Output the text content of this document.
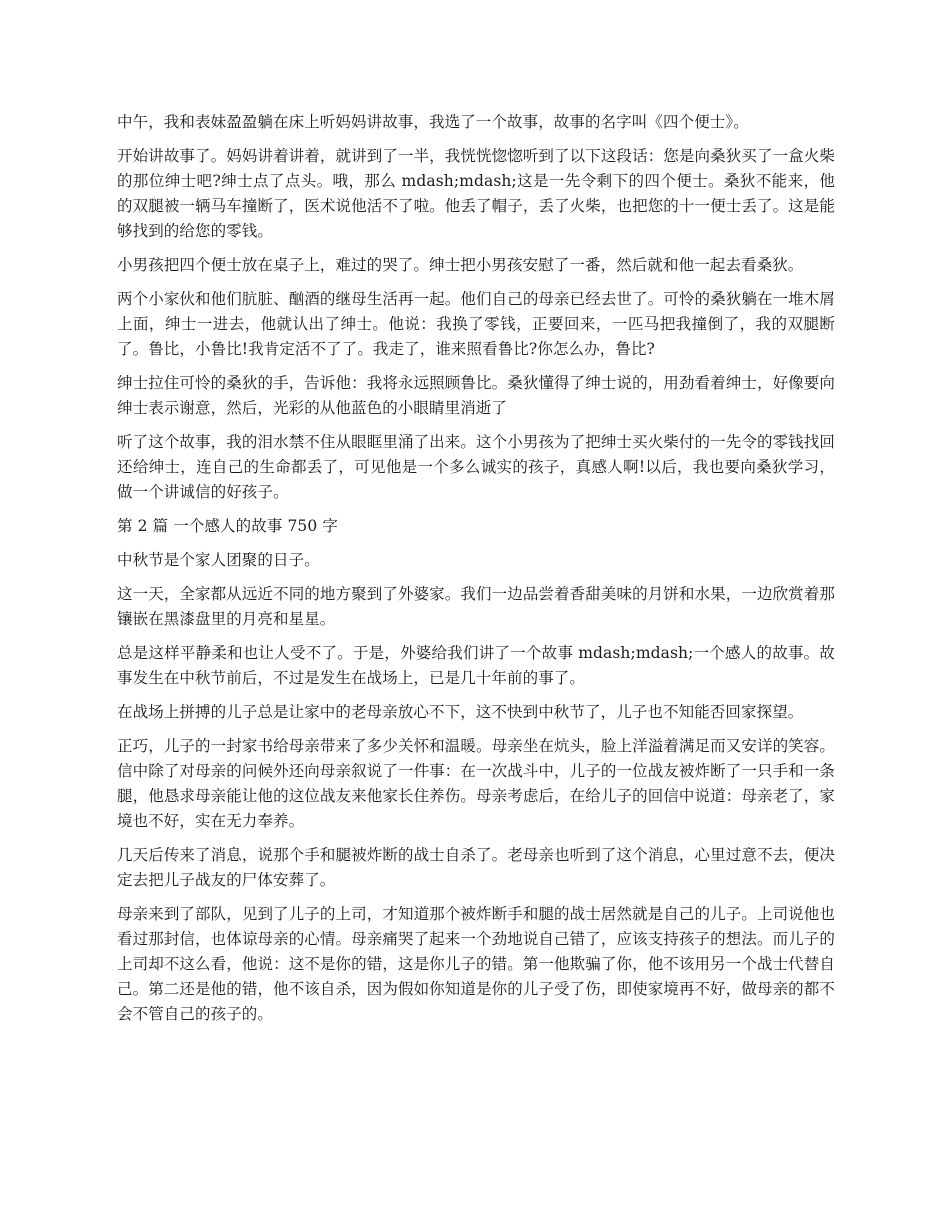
中午，我和表妹盈盈躺在床上听妈妈讲故事，我选了一个故事，故事的名字叫《四个便士》。

开始讲故事了。妈妈讲着讲着，就讲到了一半，我恍恍惚惚听到了以下这段话：您是向桑狄买了一盒火柴的那位绅士吧?绅士点了点头。哦，那么 mdash;mdash;这是一先令剩下的四个便士。桑狄不能来，他的双腿被一辆马车撞断了，医术说他活不了啦。他丢了帽子，丢了火柴，也把您的十一便士丢了。这是能够找到的给您的零钱。

小男孩把四个便士放在桌子上，难过的哭了。绅士把小男孩安慰了一番，然后就和他一起去看桑狄。

两个小家伙和他们肮脏、酗酒的继母生活再一起。他们自己的母亲已经去世了。可怜的桑狄躺在一堆木屑上面，绅士一进去，他就认出了绅士。他说：我换了零钱，正要回来，一匹马把我撞倒了，我的双腿断了。鲁比，小鲁比!我肯定活不了了。我走了，谁来照看鲁比?你怎么办，鲁比?

绅士拉住可怜的桑狄的手，告诉他：我将永远照顾鲁比。桑狄懂得了绅士说的，用劲看着绅士，好像要向绅士表示谢意，然后，光彩的从他蓝色的小眼睛里消逝了

听了这个故事，我的泪水禁不住从眼眶里涌了出来。这个小男孩为了把绅士买火柴付的一先令的零钱找回还给绅士，连自己的生命都丢了，可见他是一个多么诚实的孩子，真感人啊!以后，我也要向桑狄学习，做一个讲诚信的好孩子。

第 2 篇 一个感人的故事 750 字

中秋节是个家人团聚的日子。

这一天，全家都从远近不同的地方聚到了外婆家。我们一边品尝着香甜美味的月饼和水果，一边欣赏着那镶嵌在黑漆盘里的月亮和星星。

总是这样平静柔和也让人受不了。于是，外婆给我们讲了一个故事 mdash;mdash;一个感人的故事。故事发生在中秋节前后，不过是发生在战场上，已是几十年前的事了。

在战场上拼搏的儿子总是让家中的老母亲放心不下，这不快到中秋节了，儿子也不知能否回家探望。

正巧，儿子的一封家书给母亲带来了多少关怀和温暖。母亲坐在炕头，脸上洋溢着满足而又安详的笑容。信中除了对母亲的问候外还向母亲叙说了一件事：在一次战斗中，儿子的一位战友被炸断了一只手和一条腿，他恳求母亲能让他的这位战友来他家长住养伤。母亲考虑后，在给儿子的回信中说道：母亲老了，家境也不好，实在无力奉养。

几天后传来了消息，说那个手和腿被炸断的战士自杀了。老母亲也听到了这个消息，心里过意不去，便决定去把儿子战友的尸体安葬了。

母亲来到了部队，见到了儿子的上司，才知道那个被炸断手和腿的战士居然就是自己的儿子。上司说他也看过那封信，也体谅母亲的心情。母亲痛哭了起来一个劲地说自己错了，应该支持孩子的想法。而儿子的上司却不这么看，他说：这不是你的错，这是你儿子的错。第一他欺骗了你，他不该用另一个战士代替自己。第二还是他的错，他不该自杀，因为假如你知道是你的儿子受了伤，即使家境再不好，做母亲的都不会不管自己的孩子的。
